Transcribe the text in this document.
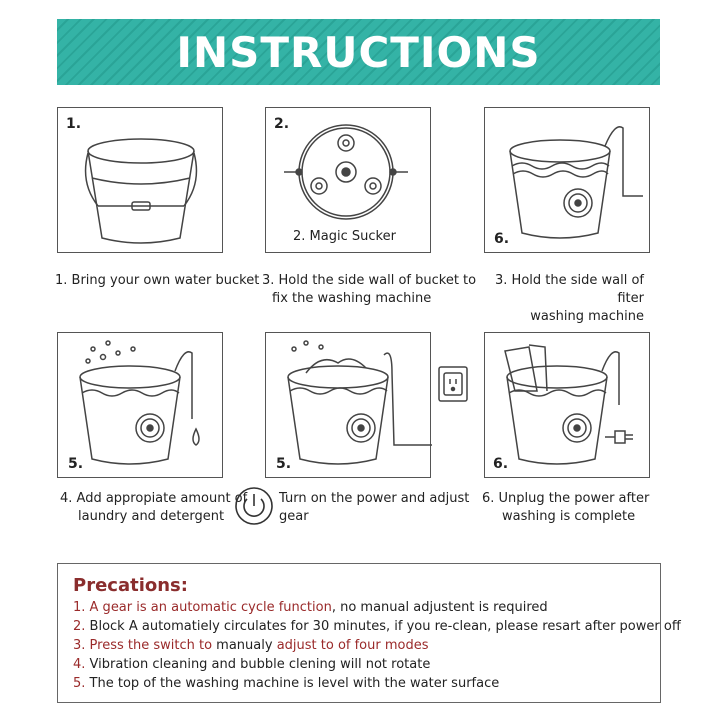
INSTRUCTIONS
1.	2.
2. Magic Sucker	6.
1. Bring your own water bucket 3. Hold the side wall of bucket to
fix the washing machine
3. Hold the side wall of fiter
washing machine
5.	5.	6.
4. Add appropiate amount of
laundry and detergent
Turn on the power and adjust
gear
6. Unplug the power after
washing is complete
Precations:
1. A gear is an automatic cycle function, no manual adjustent is required
2. Block A automatiely circulates for 30 minutes, if you re-clean, please resart after power off
3. Press the switch to manualy adjust to of four modes
4. Vibration cleaning and bubble clening will not rotate
5. The top of the washing machine is level with the water surface
